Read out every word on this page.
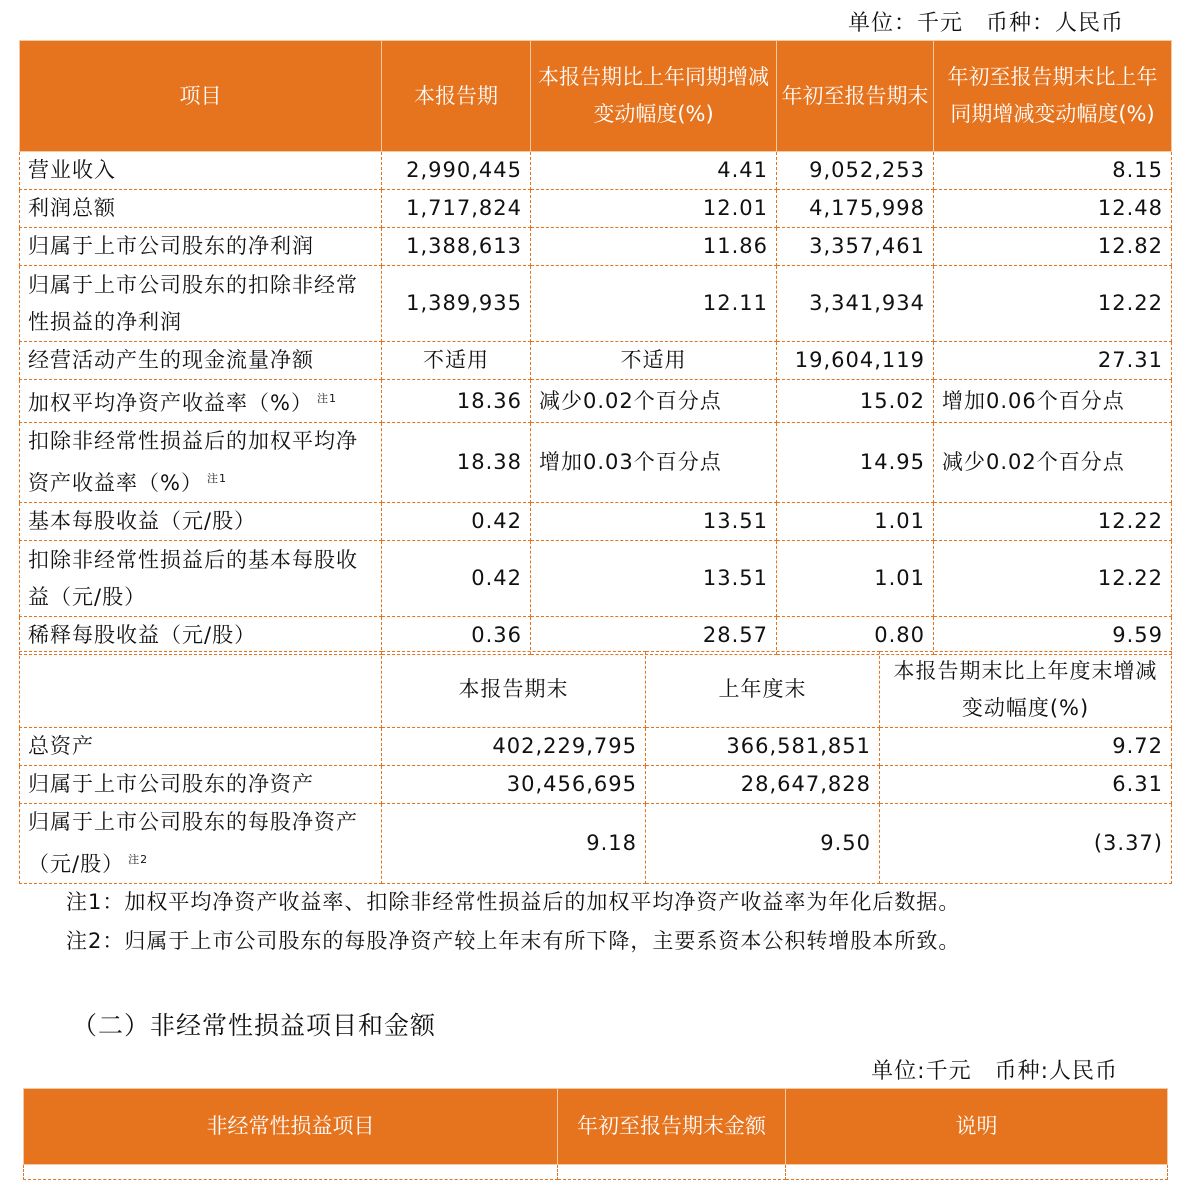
单位：千元　币种：人民币
项目	本报告期	本报告期比上年同期增减变动幅度(%)	年初至报告期末	年初至报告期末比上年同期增减变动幅度(%)
营业收入	2,990,445	4.41	9,052,253	8.15
利润总额	1,717,824	12.01	4,175,998	12.48
归属于上市公司股东的净利润	1,388,613	11.86	3,357,461	12.82
归属于上市公司股东的扣除非经常性损益的净利润	1,389,935	12.11	3,341,934	12.22
经营活动产生的现金流量净额	不适用	不适用	19,604,119	27.31
加权平均净资产收益率（%） $^{注1}$	18.36	减少0.02个百分点	15.02	增加0.06个百分点
扣除非经常性损益后的加权平均净资产收益率（%） $^{注1}$	18.38	增加0.03个百分点	14.95	减少0.02个百分点
基本每股收益（元/股）	0.42	13.51	1.01	12.22
扣除非经常性损益后的基本每股收益（元/股）	0.42	13.51	1.01	12.22
稀释每股收益（元/股）	0.36	28.57	0.80	9.59
	本报告期末	上年度末	本报告期末比上年度末增减变动幅度(%)
总资产	402,229,795	366,581,851	9.72
归属于上市公司股东的净资产	30,456,695	28,647,828	6.31
归属于上市公司股东的每股净资产（元/股） $^{注2}$	9.18	9.50	(3.37)
注1：加权平均净资产收益率、扣除非经常性损益后的加权平均净资产收益率为年化后数据。
注2：归属于上市公司股东的每股净资产较上年末有所下降，主要系资本公积转增股本所致。
（二）非经常性损益项目和金额
单位:千元　币种:人民币
非经常性损益项目	年初至报告期末金额	说明
